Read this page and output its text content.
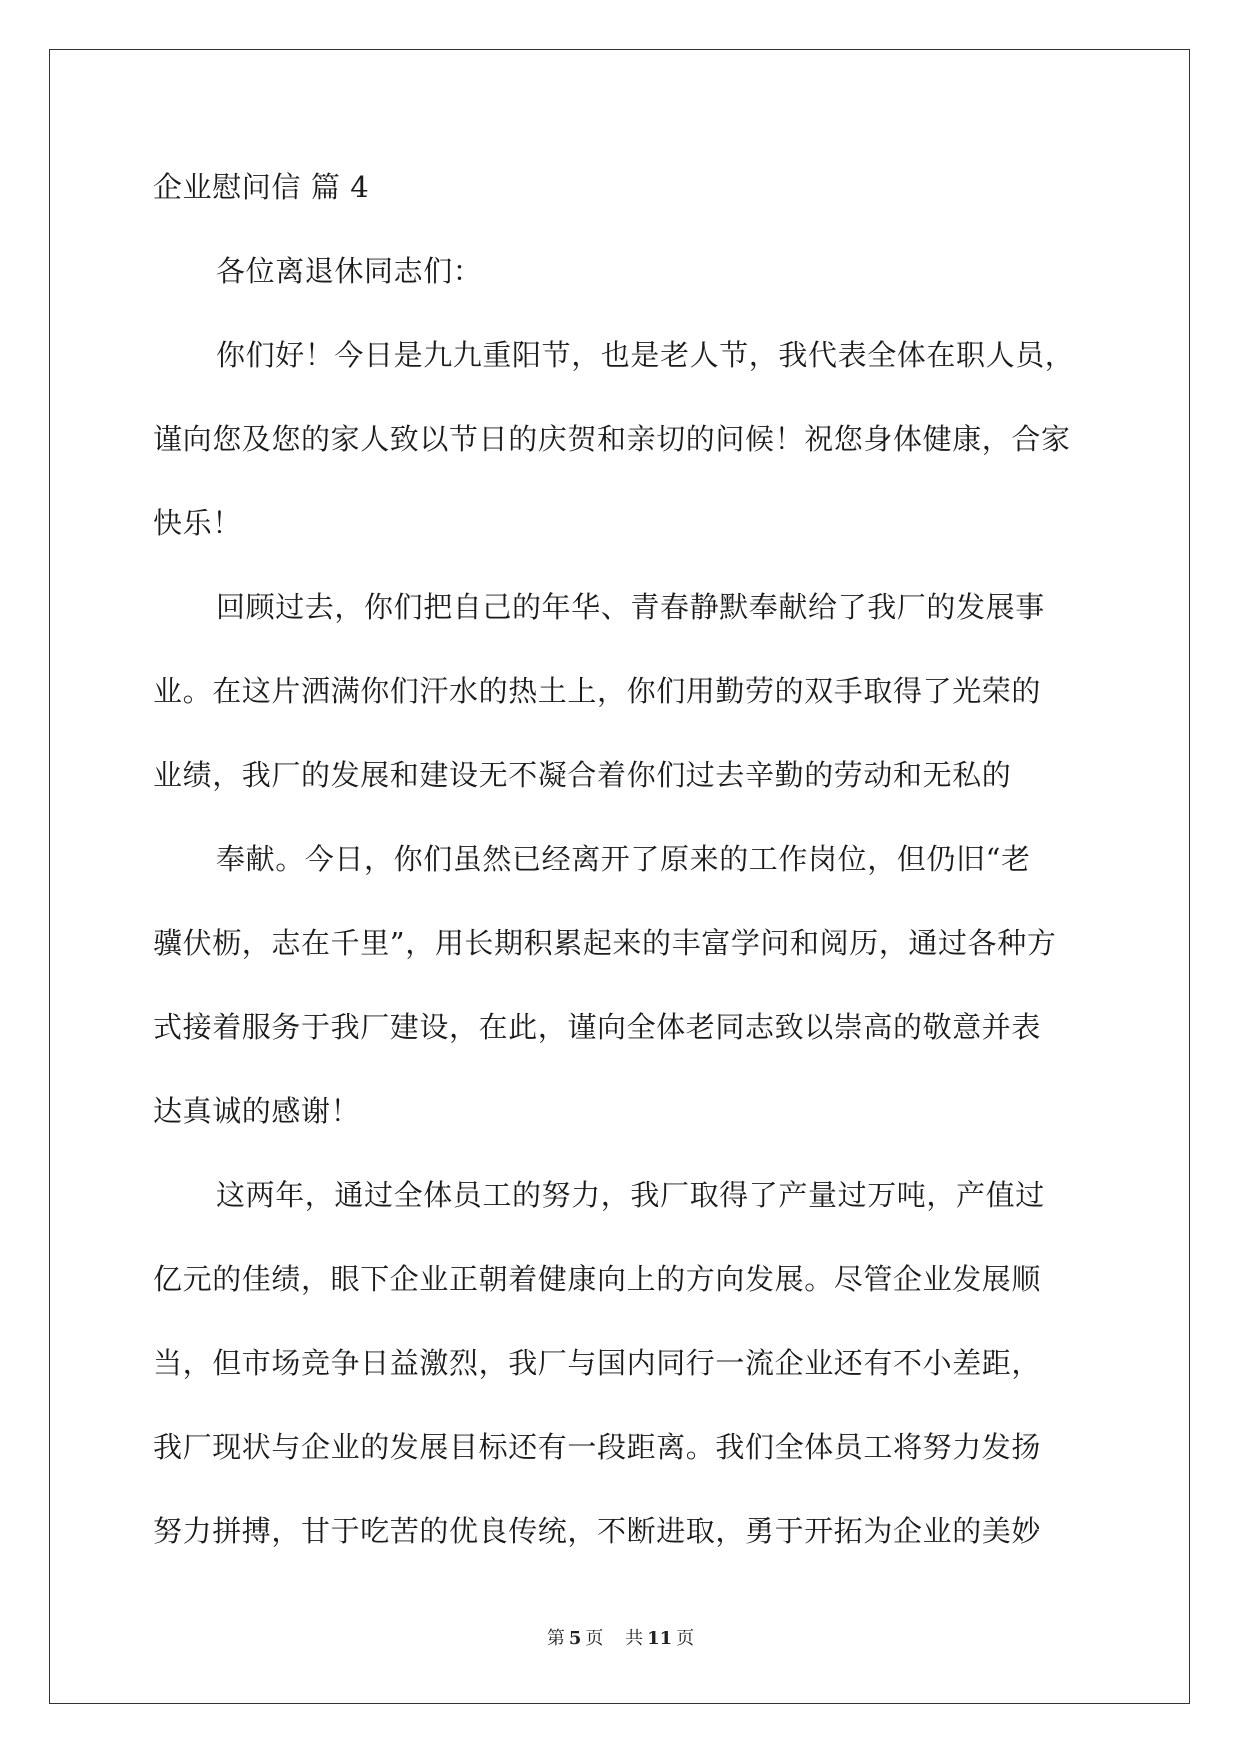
企业慰问信 篇 4
各位离退休同志们：
你们好！今日是九九重阳节，也是老人节，我代表全体在职人员，
谨向您及您的家人致以节日的庆贺和亲切的问候！祝您身体健康，合家
快乐！
回顾过去，你们把自己的年华、青春静默奉献给了我厂的发展事
业。在这片洒满你们汗水的热土上，你们用勤劳的双手取得了光荣的
业绩，我厂的发展和建设无不凝合着你们过去辛勤的劳动和无私的
奉献。今日，你们虽然已经离开了原来的工作岗位，但仍旧“老
骥伏枥，志在千里”，用长期积累起来的丰富学问和阅历，通过各种方
式接着服务于我厂建设，在此，谨向全体老同志致以崇高的敬意并表
达真诚的感谢！
这两年，通过全体员工的努力，我厂取得了产量过万吨，产值过
亿元的佳绩，眼下企业正朝着健康向上的方向发展。尽管企业发展顺
当，但市场竞争日益激烈，我厂与国内同行一流企业还有不小差距，
我厂现状与企业的发展目标还有一段距离。我们全体员工将努力发扬
努力拼搏，甘于吃苦的优良传统，不断进取，勇于开拓为企业的美妙
第 5 页 共 11 页
